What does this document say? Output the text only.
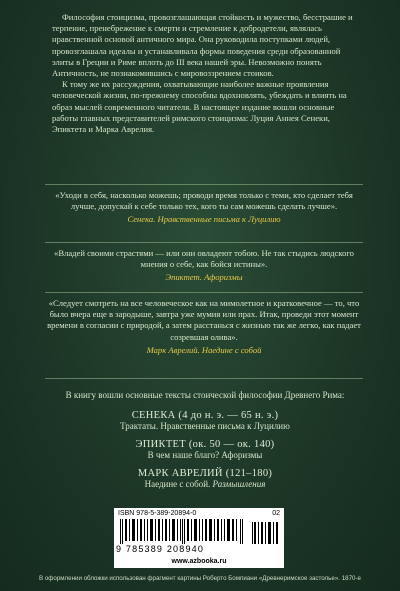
Философия стоицизма, провозглашающая стойкость и мужество, бесстрашие и терпение, пренебрежение к смерти и стремление к добродетели, являлась нравственной основой античного мира. Она руководила поступками людей, провозглашала идеалы и устанавливала формы поведения среди образованной элиты в Греции и Риме вплоть до III века нашей эры. Невозможно понять Античность, не познакомившись с мировоззрением стоиков.

К тому же их рассуждения, охватывающие наиболее важные проявления человеческой жизни, по-прежнему способны вдохновлять, убеждать и влиять на образ мыслей современного читателя. В настоящее издание вошли основные работы главных представителей римского стоицизма: Луция Аннея Сенеки, Эпиктета и Марка Аврелия.

«Уходи в себя, насколько можешь; проводи время только с теми, кто сделает тебя лучше, допускай к себе только тех, кого ты сам можешь сделать лучше».

Сенека. Нравственные письма к Луцилию

«Владей своими страстями — или они овладеют тобою. Не так стыдись людского мнения о себе, как бойся истины».

Эпиктет. Афоризмы

«Следует смотреть на все человеческое как на мимолетное и кратковечное — то, что было вчера еще в зародыше, завтра уже мумия или прах. Итак, проведи этот момент времени в согласии с природой, а затем расстанься с жизнью так же легко, как падает созревшая олива».

Марк Аврелий. Наедине с собой

В книгу вошли основные тексты стоической философии Древнего Рима:

СЕНЕКА (4 до н. э. — 65 н. э.)
Трактаты. Нравственные письма к Луцилию
ЭПИКТЕТ (ок. 50 — ок. 140)
В чем наше благо? Афоризмы
МАРК АВРЕЛИЙ (121–180)
Наедине с собой. Размышления
ISBN 978-5-389-20894-0	02
9 785389 208940
www.azbooka.ru
В оформлении обложки использован фрагмент картины Роберто Бомпиани «Древнеримское застолье». 1870-е
